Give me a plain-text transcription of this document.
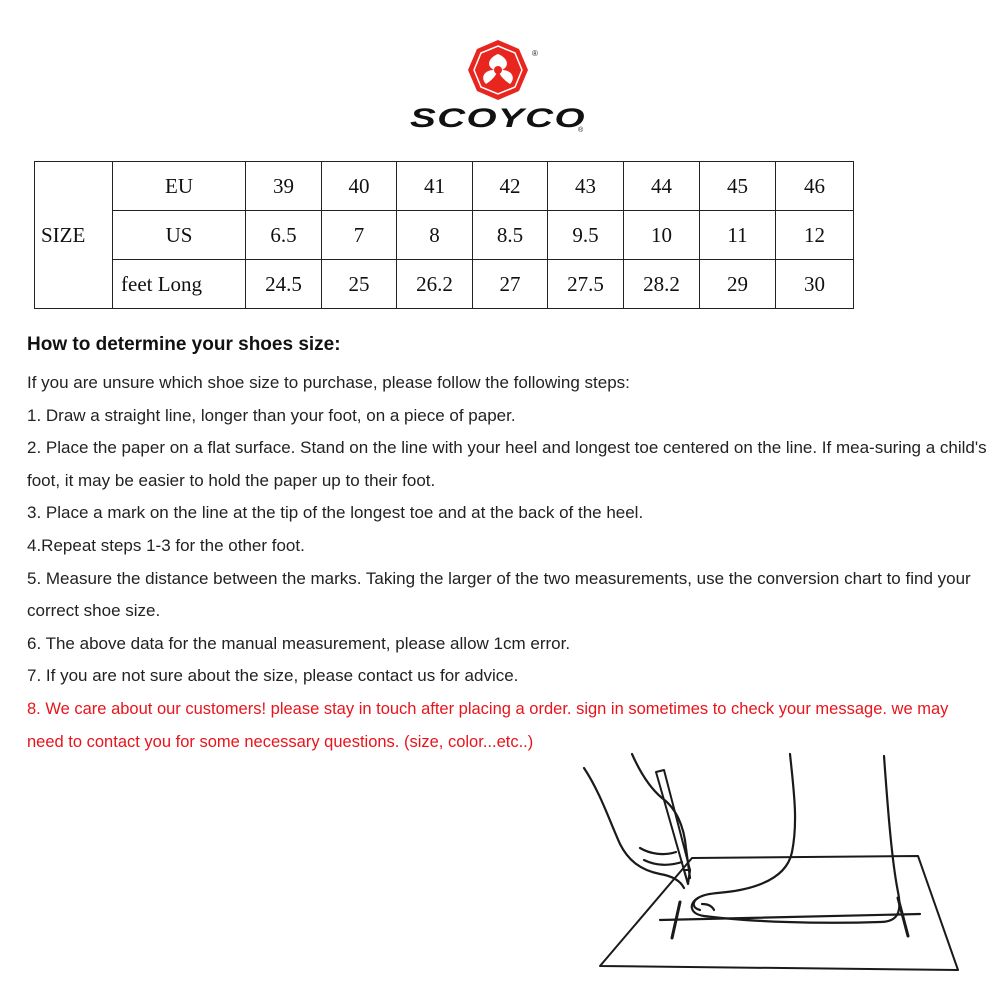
®
SCOYCO
®
SIZE	EU	39	40	41	42	43	44	45	46
	US	6.5	7	8	8.5	9.5	10	11	12
	feet Long	24.5	25	26.2	27	27.5	28.2	29	30

How to determine your shoes size:

If you are unsure which shoe size to purchase, please follow the following steps:

1. Draw a straight line, longer than your foot, on a piece of paper.

2. Place the paper on a flat surface. Stand on the line with your heel and longest toe centered on the line. If mea-suring a child's foot, it may be easier to hold the paper up to their foot.

3. Place a mark on the line at the tip of the longest toe and at the back of the heel.

4.Repeat steps 1-3 for the other foot.

5. Measure the distance between the marks. Taking the larger of the two measurements, use the conversion chart to find your correct shoe size.

6. The above data for the manual measurement, please allow 1cm error.

7. If you are not sure about the size, please contact us for advice.

8. We care about our customers! please stay in touch after placing a order. sign in sometimes to check your message. we may need to contact you for some necessary questions. (size, color...etc..)
